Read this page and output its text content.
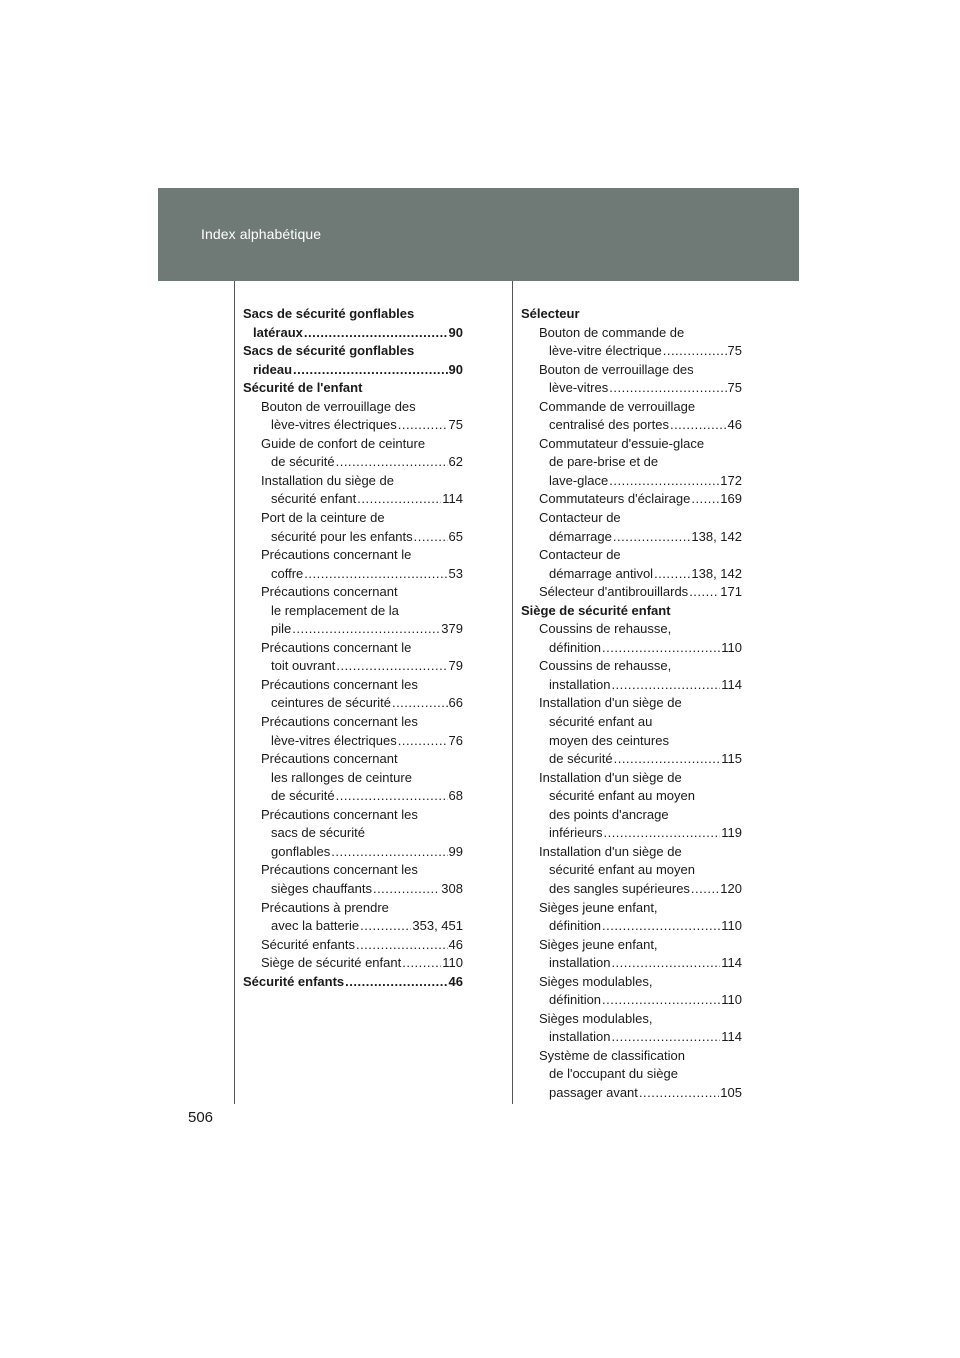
Index alphabétique
Sacs de sécurité gonflables
latéraux .....	90
Sacs de sécurité gonflables
rideau .....	90
Sécurité de l'enfant
Bouton de verrouillage des
lève-vitres électriques .....	75
Guide de confort de ceinture
de sécurité .....	62
Installation du siège de
sécurité enfant .....	114
Port de la ceinture de
sécurité pour les enfants .....	65
Précautions concernant le
coffre .....	53
Précautions concernant
le remplacement de la
pile .....	379
Précautions concernant le
toit ouvrant .....	79
Précautions concernant les
ceintures de sécurité .....	66
Précautions concernant les
lève-vitres électriques .....	76
Précautions concernant
les rallonges de ceinture
de sécurité .....	68
Précautions concernant les
sacs de sécurité
gonflables .....	99
Précautions concernant les
sièges chauffants .....	308
Précautions à prendre
avec la batterie .....	353, 451
Sécurité enfants .....	46
Siège de sécurité enfant .....	110
Sécurité enfants .....	46
Sélecteur
Bouton de commande de
lève-vitre électrique .....	75
Bouton de verrouillage des
lève-vitres .....	75
Commande de verrouillage
centralisé des portes .....	46
Commutateur d'essuie-glace
de pare-brise et de
lave-glace .....	172
Commutateurs d'éclairage ..... 169
Contacteur de
démarrage .....	138, 142
Contacteur de
démarrage antivol .....	138, 142
Sélecteur d'antibrouillards ..... 171
Siège de sécurité enfant
Coussins de rehausse,
définition .....	110
Coussins de rehausse,
installation .....	114
Installation d'un siège de
sécurité enfant au
moyen des ceintures
de sécurité .....	115
Installation d'un siège de
sécurité enfant au moyen
des points d'ancrage
inférieurs .....	119
Installation d'un siège de
sécurité enfant au moyen
des sangles supérieures ..... 120
Sièges jeune enfant,
définition .....	110
Sièges jeune enfant,
installation .....	114
Sièges modulables,
définition .....	110
Sièges modulables,
installation .....	114
Système de classification
de l'occupant du siège
passager avant .....	105
506
